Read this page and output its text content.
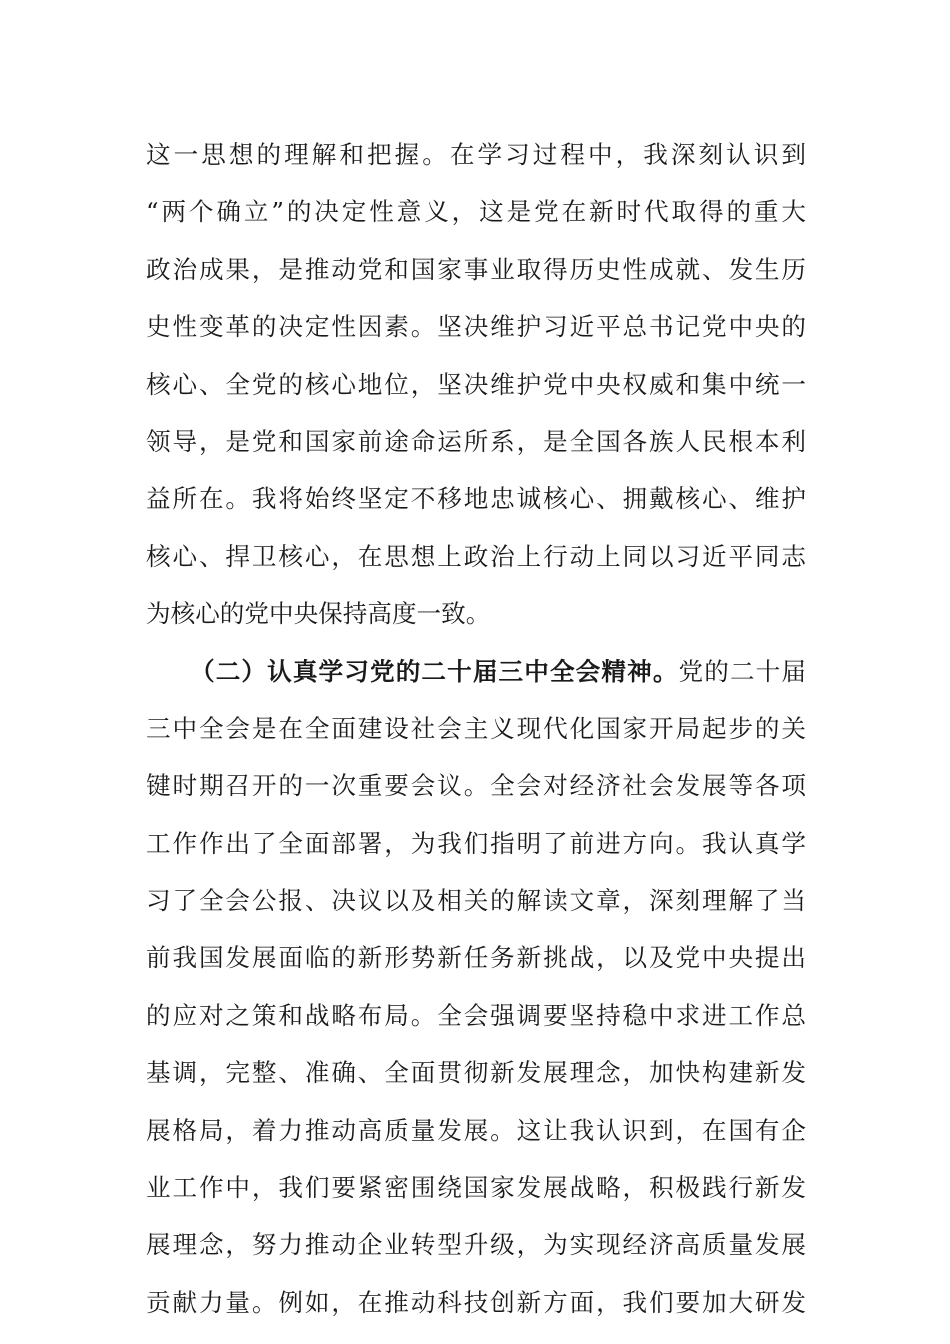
这一思想的理解和把握。在学习过程中，我深刻认识到
“两个确立”的决定性意义，这是党在新时代取得的重大
政治成果，是推动党和国家事业取得历史性成就、发生历
史性变革的决定性因素。坚决维护习近平总书记党中央的
核心、全党的核心地位，坚决维护党中央权威和集中统一
领导，是党和国家前途命运所系，是全国各族人民根本利
益所在。我将始终坚定不移地忠诚核心、拥戴核心、维护
核心、捍卫核心，在思想上政治上行动上同以习近平同志
为核心的党中央保持高度一致。
（二）认真学习党的二十届三中全会精神。党的二十届
三中全会是在全面建设社会主义现代化国家开局起步的关
键时期召开的一次重要会议。全会对经济社会发展等各项
工作作出了全面部署，为我们指明了前进方向。我认真学
习了全会公报、决议以及相关的解读文章，深刻理解了当
前我国发展面临的新形势新任务新挑战，以及党中央提出
的应对之策和战略布局。全会强调要坚持稳中求进工作总
基调，完整、准确、全面贯彻新发展理念，加快构建新发
展格局，着力推动高质量发展。这让我认识到，在国有企
业工作中，我们要紧密围绕国家发展战略，积极践行新发
展理念，努力推动企业转型升级，为实现经济高质量发展
贡献力量。例如，在推动科技创新方面，我们要加大研发
